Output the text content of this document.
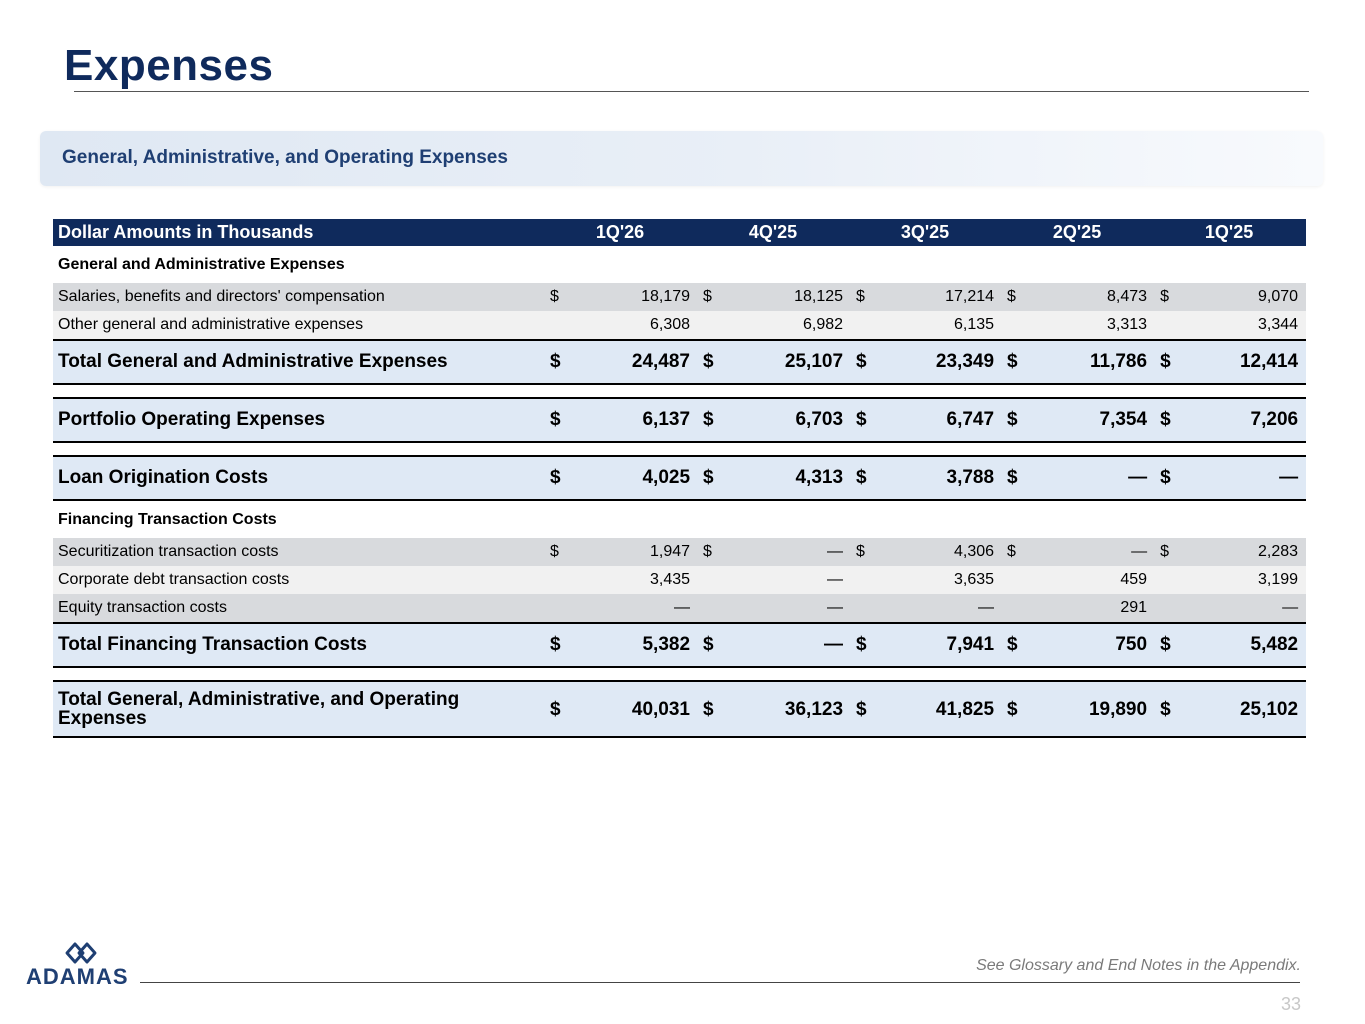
Expenses
General, Administrative, and Operating Expenses
Dollar Amounts in Thousands	1Q'26		4Q'25		3Q'25		2Q'25		1Q'25	
General and Administrative Expenses										
Salaries, benefits and directors' compensation	$	18,179	$	18,125	$	17,214	$	8,473	$	9,070
Other general and administrative expenses		6,308		6,982		6,135		3,313		3,344
Total General and Administrative Expenses	$	24,487	$	25,107	$	23,349	$	11,786	$	12,414

Portfolio Operating Expenses	$	6,137	$	6,703	$	6,747	$	7,354	$	7,206

Loan Origination Costs	$	4,025	$	4,313	$	3,788	$	—	$	—
Financing Transaction Costs										
Securitization transaction costs	$	1,947	$	—	$	4,306	$	—	$	2,283
Corporate debt transaction costs		3,435		—		3,635		459		3,199
Equity transaction costs		—		—		—		291		—
Total Financing Transaction Costs	$	5,382	$	—	$	7,941	$	750	$	5,482

Total General, Administrative, and Operating Expenses	$	40,031	$	36,123	$	41,825	$	19,890	$	25,102
ADAMAS	See Glossary and End Notes in the Appendix.
33
